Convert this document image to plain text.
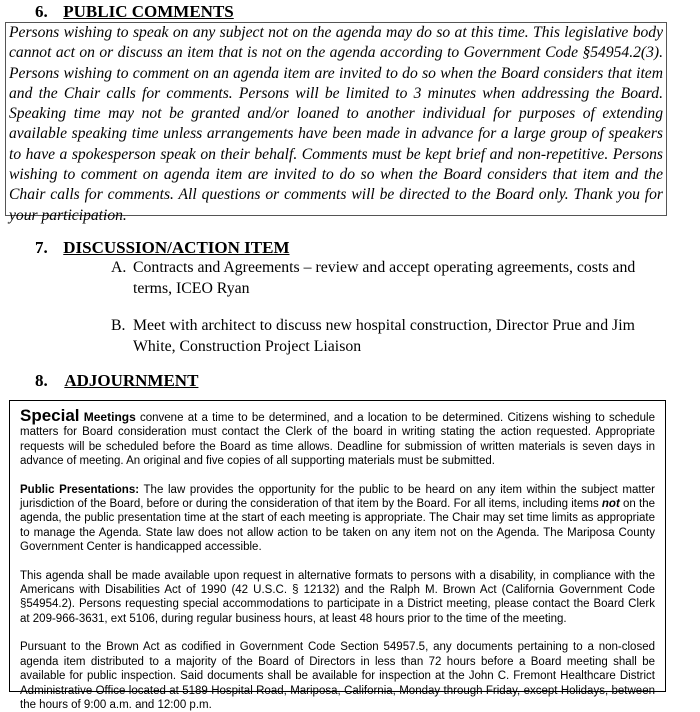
6. PUBLIC COMMENTS

Persons wishing to speak on any subject not on the agenda may do so at this time. This legislative body cannot act on or discuss an item that is not on the agenda according to Government Code §54954.2(3). Persons wishing to comment on an agenda item are invited to do so when the Board considers that item and the Chair calls for comments. Persons will be limited to 3 minutes when addressing the Board. Speaking time may not be granted and/or loaned to another individual for purposes of extending available speaking time unless arrangements have been made in advance for a large group of speakers to have a spokesperson speak on their behalf. Comments must be kept brief and non-repetitive. Persons wishing to comment on agenda item are invited to do so when the Board considers that item and the Chair calls for comments. All questions or comments will be directed to the Board only. Thank you for your participation.

7. DISCUSSION/ACTION ITEM
A. Contracts and Agreements – review and accept operating agreements, costs and terms, ICEO Ryan
B. Meet with architect to discuss new hospital construction, Director Prue and Jim White, Construction Project Liaison
8. ADJOURNMENT

Special Meetings convene at a time to be determined, and a location to be determined. Citizens wishing to schedule matters for Board consideration must contact the Clerk of the board in writing stating the action requested. Appropriate requests will be scheduled before the Board as time allows. Deadline for submission of written materials is seven days in advance of meeting. An original and five copies of all supporting materials must be submitted.

Public Presentations: The law provides the opportunity for the public to be heard on any item within the subject matter jurisdiction of the Board, before or during the consideration of that item by the Board. For all items, including items not on the agenda, the public presentation time at the start of each meeting is appropriate. The Chair may set time limits as appropriate to manage the Agenda. State law does not allow action to be taken on any item not on the Agenda. The Mariposa County Government Center is handicapped accessible.

This agenda shall be made available upon request in alternative formats to persons with a disability, in compliance with the Americans with Disabilities Act of 1990 (42 U.S.C. § 12132) and the Ralph M. Brown Act (California Government Code §54954.2). Persons requesting special accommodations to participate in a District meeting, please contact the Board Clerk at 209-966-3631, ext 5106, during regular business hours, at least 48 hours prior to the time of the meeting.

Pursuant to the Brown Act as codified in Government Code Section 54957.5, any documents pertaining to a non-closed agenda item distributed to a majority of the Board of Directors in less than 72 hours before a Board meeting shall be available for public inspection. Said documents shall be available for inspection at the John C. Fremont Healthcare District Administrative Office located at 5189 Hospital Road, Mariposa, California, Monday through Friday, except Holidays, between the hours of 9:00 a.m. and 12:00 p.m.
